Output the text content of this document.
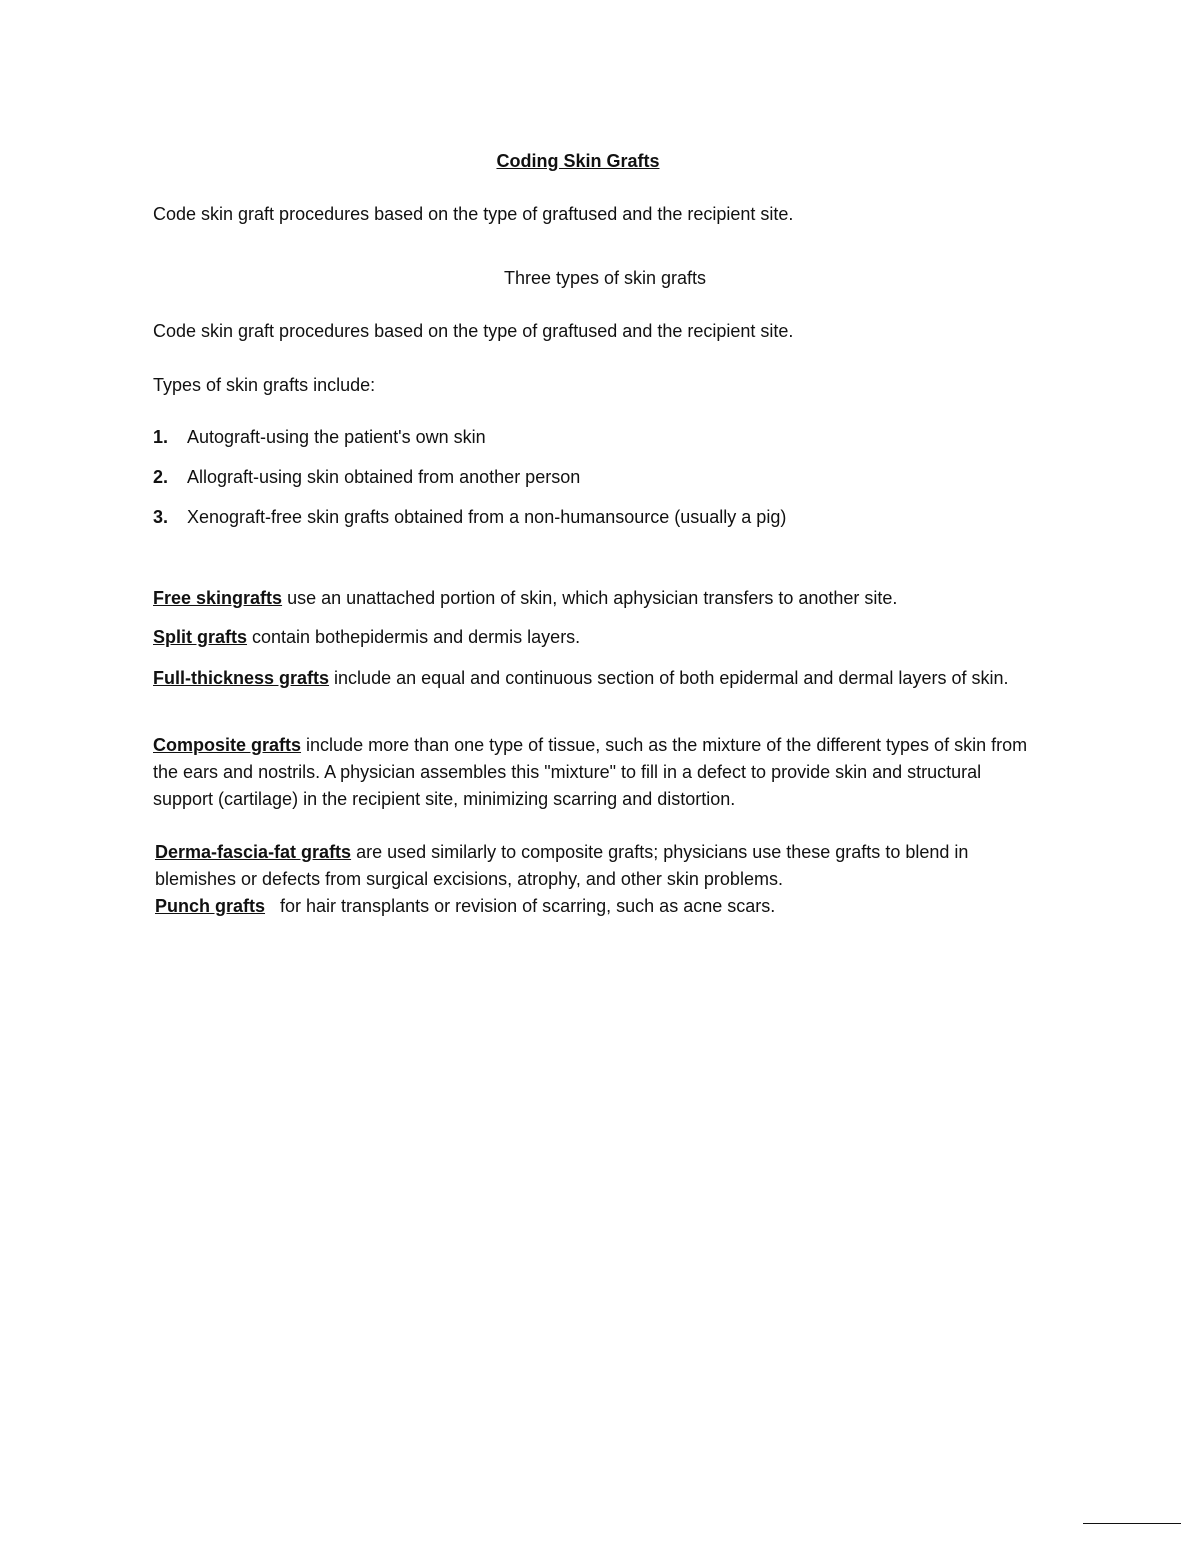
Coding Skin Grafts
Code skin graft procedures based on the type of graftused and the recipient site.
Three types of skin grafts
Code skin graft procedures based on the type of graftused and the recipient site.
Types of skin grafts include:
1. Autograft-using the patient's own skin
2. Allograft-using skin obtained from another person
3. Xenograft-free skin grafts obtained from a non-humansource (usually a pig)
Free skingrafts use an unattached portion of skin, which aphysician transfers to another site.
Split grafts contain bothepidermis and dermis layers.
Full-thickness grafts include an equal and continuous section of both epidermal and dermal layers of skin.
Composite grafts include more than one type of tissue, such as the mixture of the different types of skin from the ears and nostrils. A physician assembles this "mixture" to fill in a defect to provide skin and structural support (cartilage) in the recipient site, minimizing scarring and distortion.
Derma-fascia-fat grafts are used similarly to composite grafts; physicians use these grafts to blend in blemishes or defects from surgical excisions, atrophy, and other skin problems.
Punch grafts   for hair transplants or revision of scarring, such as acne scars.
